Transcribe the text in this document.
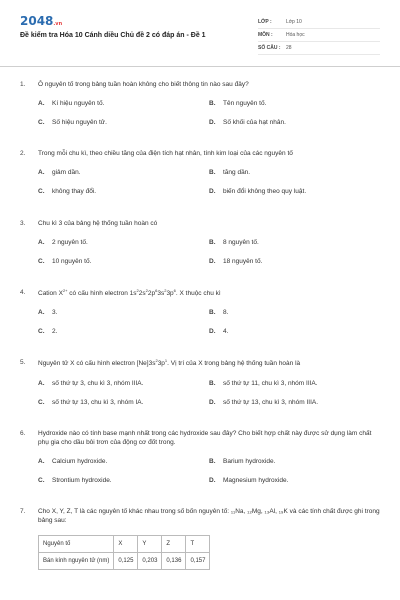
2048.vn
Đề kiểm tra Hóa 10 Cánh diều Chủ đề 2 có đáp án - Đề 1
LỚP :	Lớp 10
MÔN :	Hóa học
SỐ CÂU :	28
1.	Ô nguyên tố trong bảng tuần hoàn không cho biết thông tin nào sau đây?
A.	Kí hiệu nguyên tố.	B.	Tên nguyên tố.
C.	Số hiệu nguyên tử.	D.	Số khối của hạt nhân.
2.	Trong mỗi chu kì, theo chiều tăng của điện tích hạt nhân, tính kim loại của các nguyên tố
A.	giảm dần.	B.	tăng dần.
C.	không thay đổi.	D.	biến đổi không theo quy luật.
3.	Chu kì 3 của bảng hệ thống tuần hoàn có
A.	2 nguyên tố.	B.	8 nguyên tố.
C.	10 nguyên tố.	D.	18 nguyên tố.
4.	Cation $X^{2+}$ có cấu hình electron $1s^22s^22p^63s^23p^6$. X thuộc chu kì
A.	3.	B.	8.
C.	2.	D.	4.
5.	Nguyên tử X có cấu hình electron $[Ne]3s^23p^1$. Vị trí của X trong bảng hệ thống tuần hoàn là
A.	số thứ tự 3, chu kì 3, nhóm IIIA.	B.	số thứ tự 11, chu kì 3, nhóm IIIA.
C.	số thứ tự 13, chu kì 3, nhóm IA.	D.	số thứ tự 13, chu kì 3, nhóm IIIA.
6.	Hydroxide nào có tính base mạnh nhất trong các hydroxide sau đây? Cho biết hợp chất này được sử dụng làm chất phụ gia cho dầu bôi trơn của động cơ đốt trong.
A.	Calcium hydroxide.	B.	Barium hydroxide.
C.	Strontium hydroxide.	D.	Magnesium hydroxide.
7.	Cho X, Y, Z, T là các nguyên tố khác nhau trong số bốn nguyên tố: ₁₁Na, ₁₂Mg, ₁₃Al, ₁₉K và các tính chất được ghi trong bảng sau:
Nguyên tố	X	Y	Z	T
Bán kính nguyên tử (nm)	0,125	0,203	0,136	0,157
